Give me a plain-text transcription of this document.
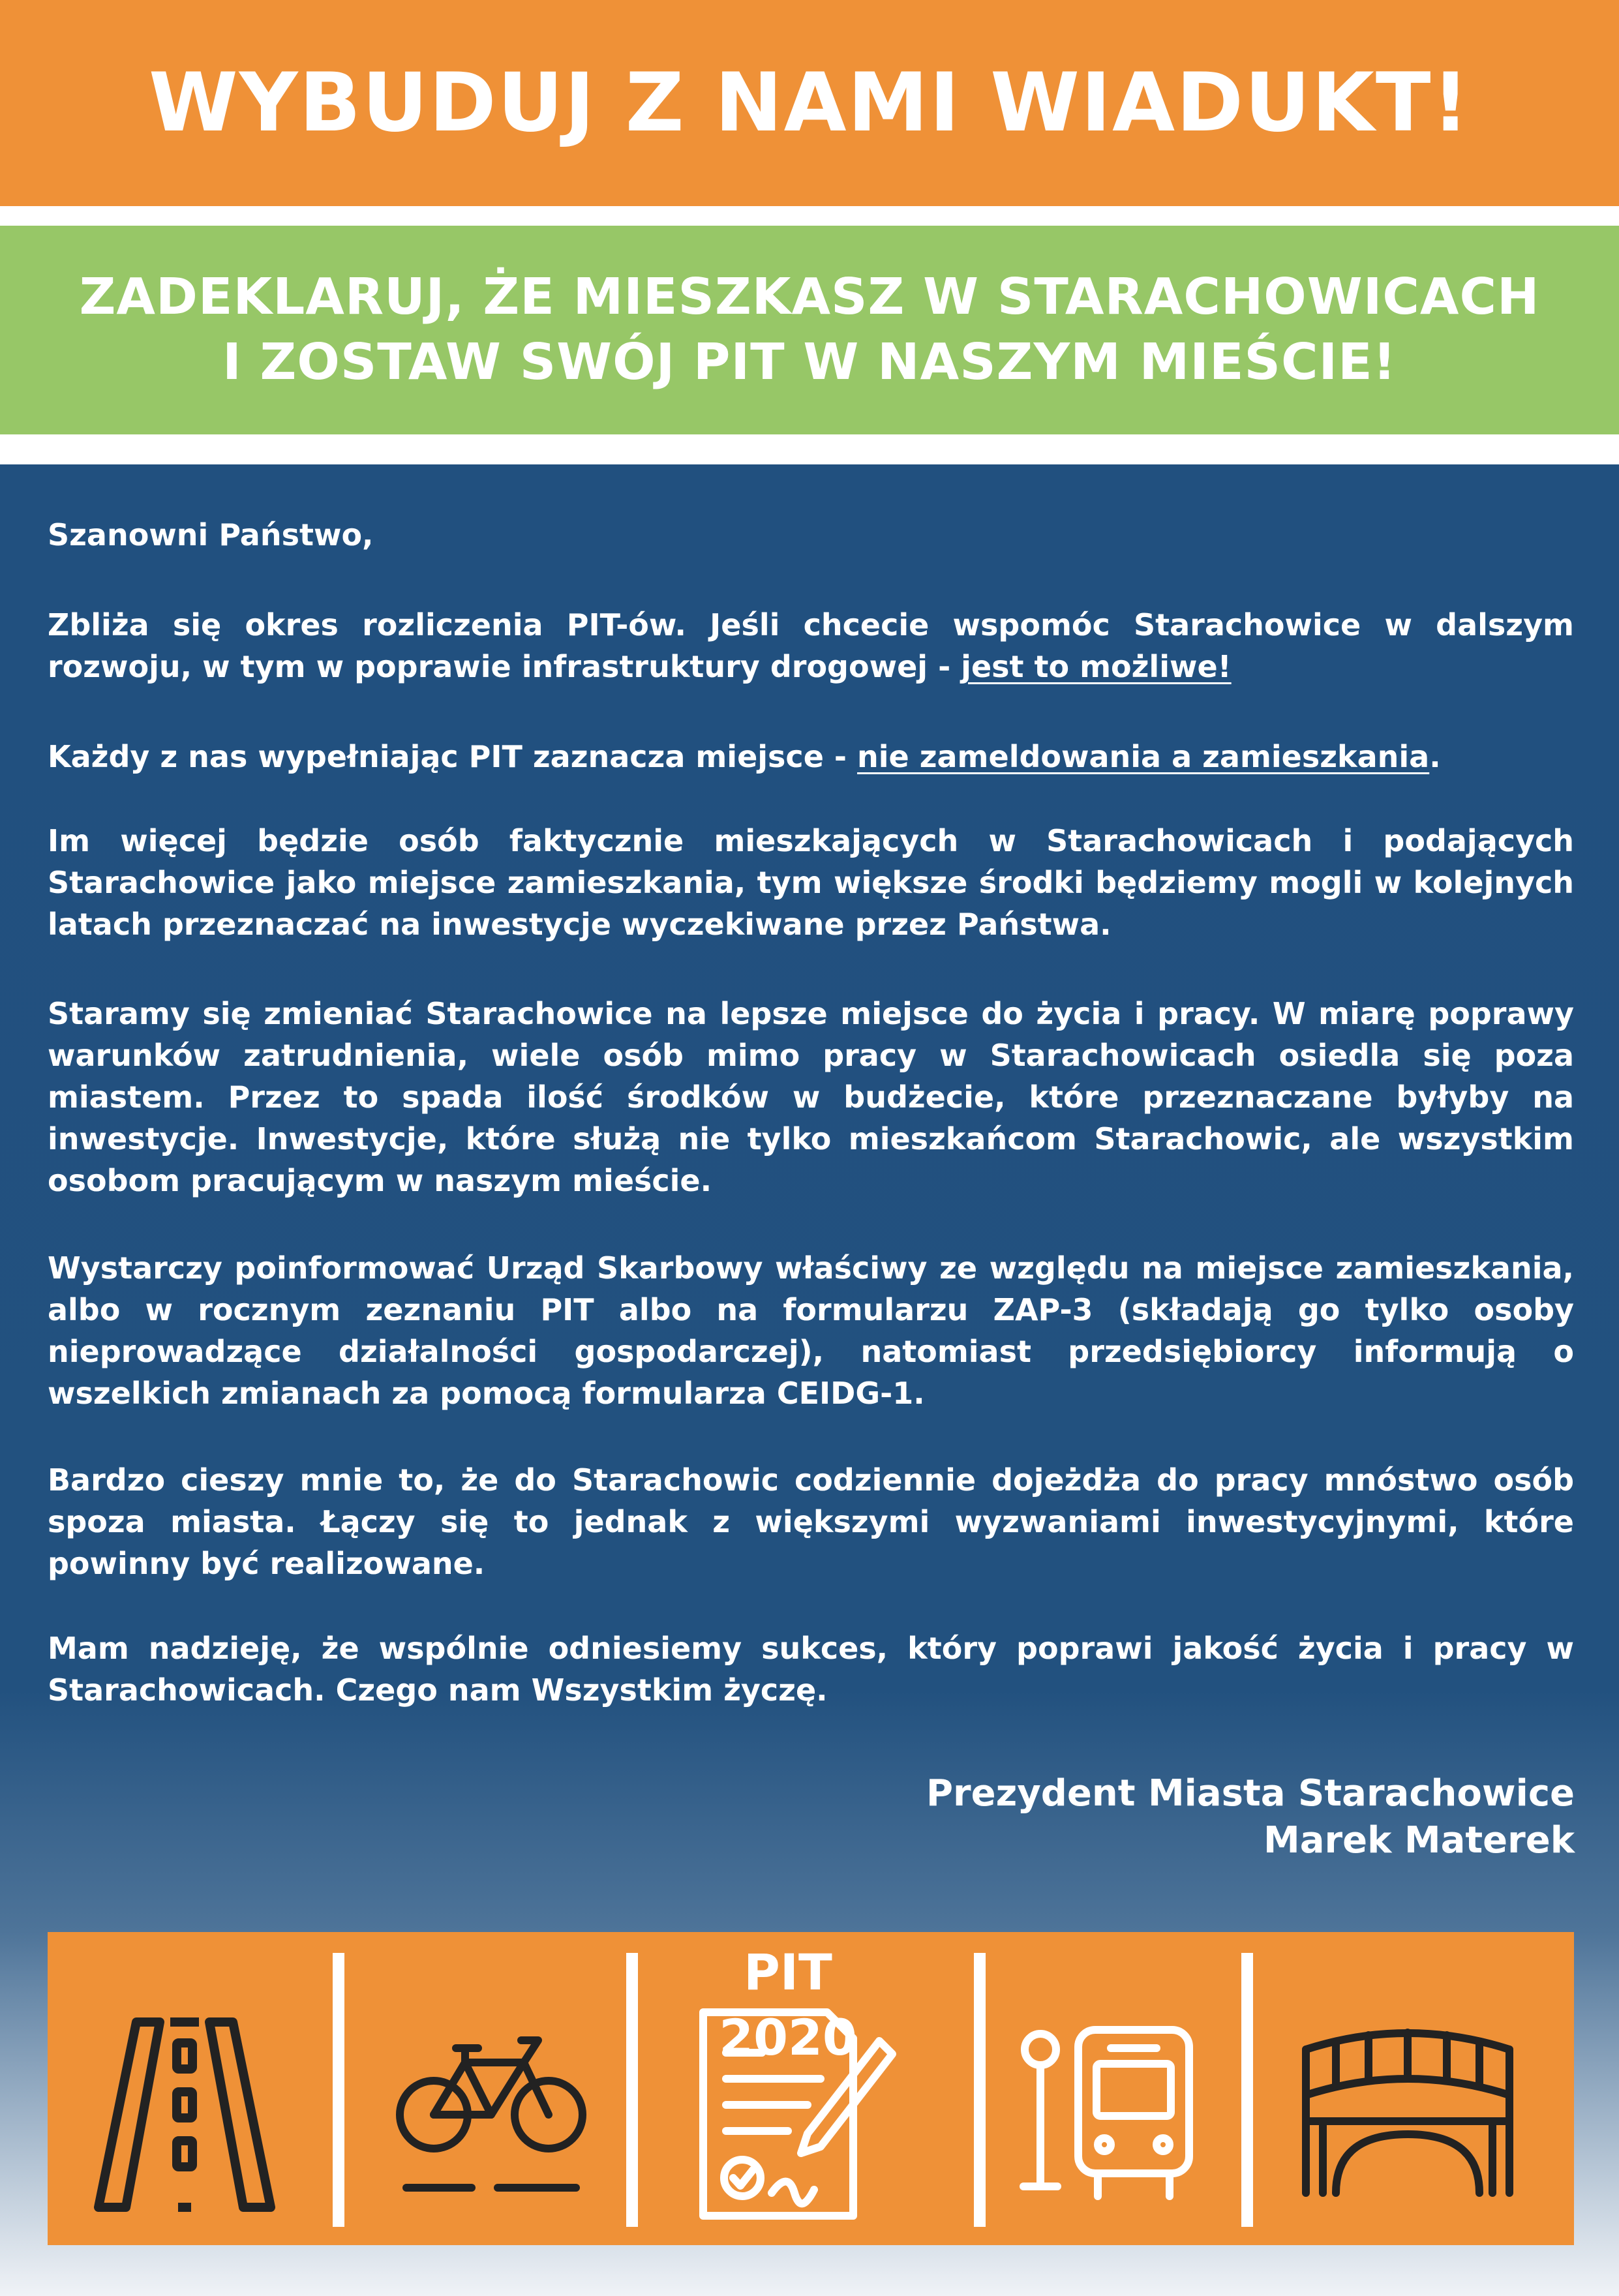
WYBUDUJ Z NAMI WIADUKT!
ZADEKLARUJ, ŻE MIESZKASZ W STARACHOWICACH
I ZOSTAW SWÓJ PIT W NASZYM MIEŚCIE!

Szanowni Państwo,

Zbliża się okres rozliczenia PIT-ów. Jeśli chcecie wspomóc Starachowice w dalszym rozwoju, w tym w poprawie infrastruktury drogowej - jest to możliwe!

Każdy z nas wypełniając PIT zaznacza miejsce - nie zameldowania a zamieszkania.

Im więcej będzie osób faktycznie mieszkających w Starachowicach i podających Starachowice jako miejsce zamieszkania, tym większe środki będziemy mogli w kolejnych latach przeznaczać na inwestycje wyczekiwane przez Państwa.

Staramy się zmieniać Starachowice na lepsze miejsce do życia i pracy. W miarę poprawy warunków zatrudnienia, wiele osób mimo pracy w Starachowicach osiedla się poza miastem. Przez to spada ilość środków w budżecie, które przeznaczane byłyby na inwestycje. Inwestycje, które służą nie tylko mieszkańcom Starachowic, ale wszystkim osobom pracującym w naszym mieście.

Wystarczy poinformować Urząd Skarbowy właściwy ze względu na miejsce zamieszkania, albo w rocznym zeznaniu PIT albo na formularzu ZAP-3 (składają go tylko osoby nieprowadzące działalności gospodarczej), natomiast przedsiębiorcy informują o wszelkich zmianach za pomocą formularza CEIDG-1.

Bardzo cieszy mnie to, że do Starachowic codziennie dojeżdża do pracy mnóstwo osób spoza miasta. Łączy się to jednak z większymi wyzwaniami inwestycyjnymi, które powinny być realizowane.

Mam nadzieję, że wspólnie odniesiemy sukces, który poprawi jakość życia i pracy w Starachowicach. Czego nam Wszystkim życzę.

Prezydent Miasta Starachowice
Marek Materek
PIT 2020
